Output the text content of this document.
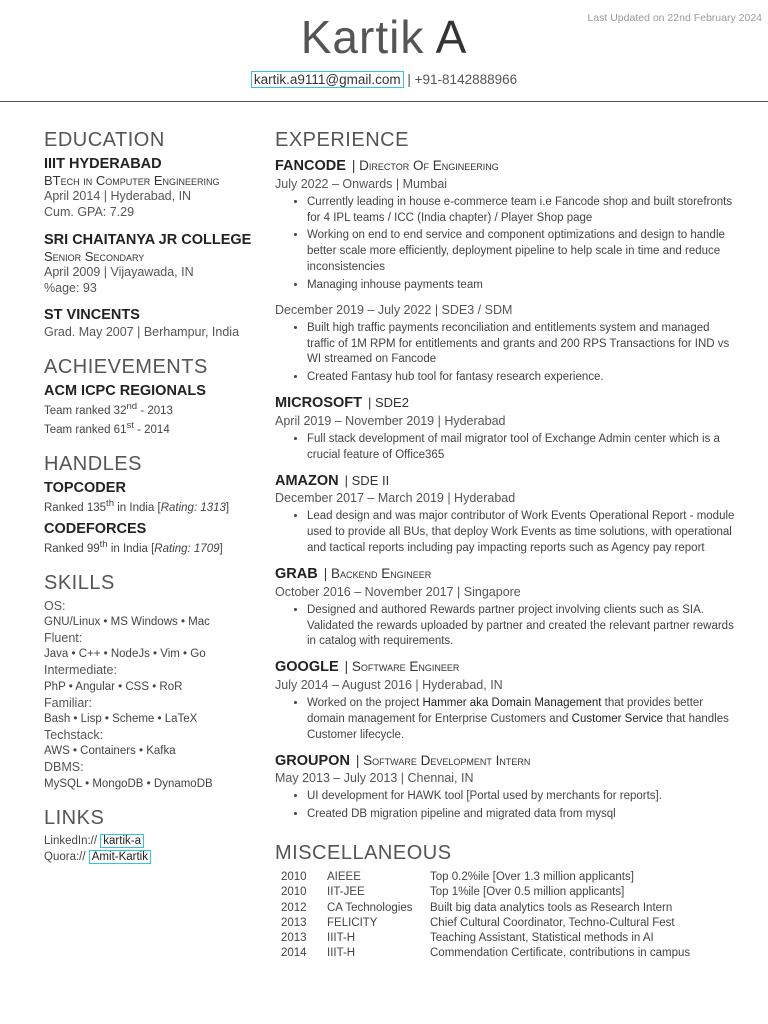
Last Updated on 22nd February 2024
Kartik A
kartik.a9111@gmail.com | +91-8142888966
EDUCATION
IIIT HYDERABAD
BTech in Computer Engineering
April 2014 | Hyderabad, IN
Cum. GPA: 7.29
SRI CHAITANYA JR COLLEGE
Senior Secondary
April 2009 | Vijayawada, IN
%age: 93
ST VINCENTS
Grad. May 2007 | Berhampur, India
ACHIEVEMENTS
ACM ICPC REGIONALS
Team ranked 32nd - 2013
Team ranked 61st - 2014
HANDLES
TOPCODER
Ranked 135th in India [Rating: 1313]
CODEFORCES
Ranked 99th in India [Rating: 1709]
SKILLS
OS:
GNU/Linux • MS Windows • Mac
Fluent:
Java • C++ • NodeJs • Vim • Go
Intermediate:
PhP • Angular • CSS • RoR
Familiar:
Bash • Lisp • Scheme • LaTeX
Techstack:
AWS • Containers • Kafka
DBMS:
MySQL • MongoDB • DynamoDB
LINKS
LinkedIn:// kartik-a
Quora:// Amit-Kartik
EXPERIENCE
FANCODE | Director Of Engineering
July 2022 – Onwards | Mumbai
• Currently leading in house e-commerce team i.e Fancode shop and built storefronts for 4 IPL teams / ICC (India chapter) / Player Shop page
• Working on end to end service and component optimizations and design to handle better scale more efficiently, deployment pipeline to help scale in time and reduce inconsistencies
• Managing inhouse payments team
December 2019 – July 2022 | SDE3 / SDM
• Built high traffic payments reconciliation and entitlements system and managed traffic of 1M RPM for entitlements and grants and 200 RPS Transactions for IND vs WI streamed on Fancode
• Created Fantasy hub tool for fantasy research experience.
MICROSOFT | SDE2
April 2019 – November 2019 | Hyderabad
• Full stack development of mail migrator tool of Exchange Admin center which is a crucial feature of Office365
AMAZON | SDE II
December 2017 – March 2019 | Hyderabad
• Lead design and was major contributor of Work Events Operational Report - module used to provide all BUs, that deploy Work Events as time solutions, with operational and tactical reports including pay impacting reports such as Agency pay report
GRAB | Backend Engineer
October 2016 – November 2017 | Singapore
• Designed and authored Rewards partner project involving clients such as SIA. Validated the rewards uploaded by partner and created the relevant partner rewards in catalog with requirements.
GOOGLE | Software Engineer
July 2014 – August 2016 | Hyderabad, IN
• Worked on the project Hammer aka Domain Management that provides better domain management for Enterprise Customers and Customer Service that handles Customer lifecycle.
GROUPON | Software Development Intern
May 2013 – July 2013 | Chennai, IN
• UI development for HAWK tool [Portal used by merchants for reports].
• Created DB migration pipeline and migrated data from mysql
MISCELLANEOUS
2010	AIEEE	Top 0.2%ile [Over 1.3 million applicants]
2010	IIT-JEE	Top 1%ile [Over 0.5 million applicants]
2012	CA Technologies	Built big data analytics tools as Research Intern
2013	FELICITY	Chief Cultural Coordinator, Techno-Cultural Fest
2013	IIIT-H	Teaching Assistant, Statistical methods in AI
2014	IIIT-H	Commendation Certificate, contributions in campus
